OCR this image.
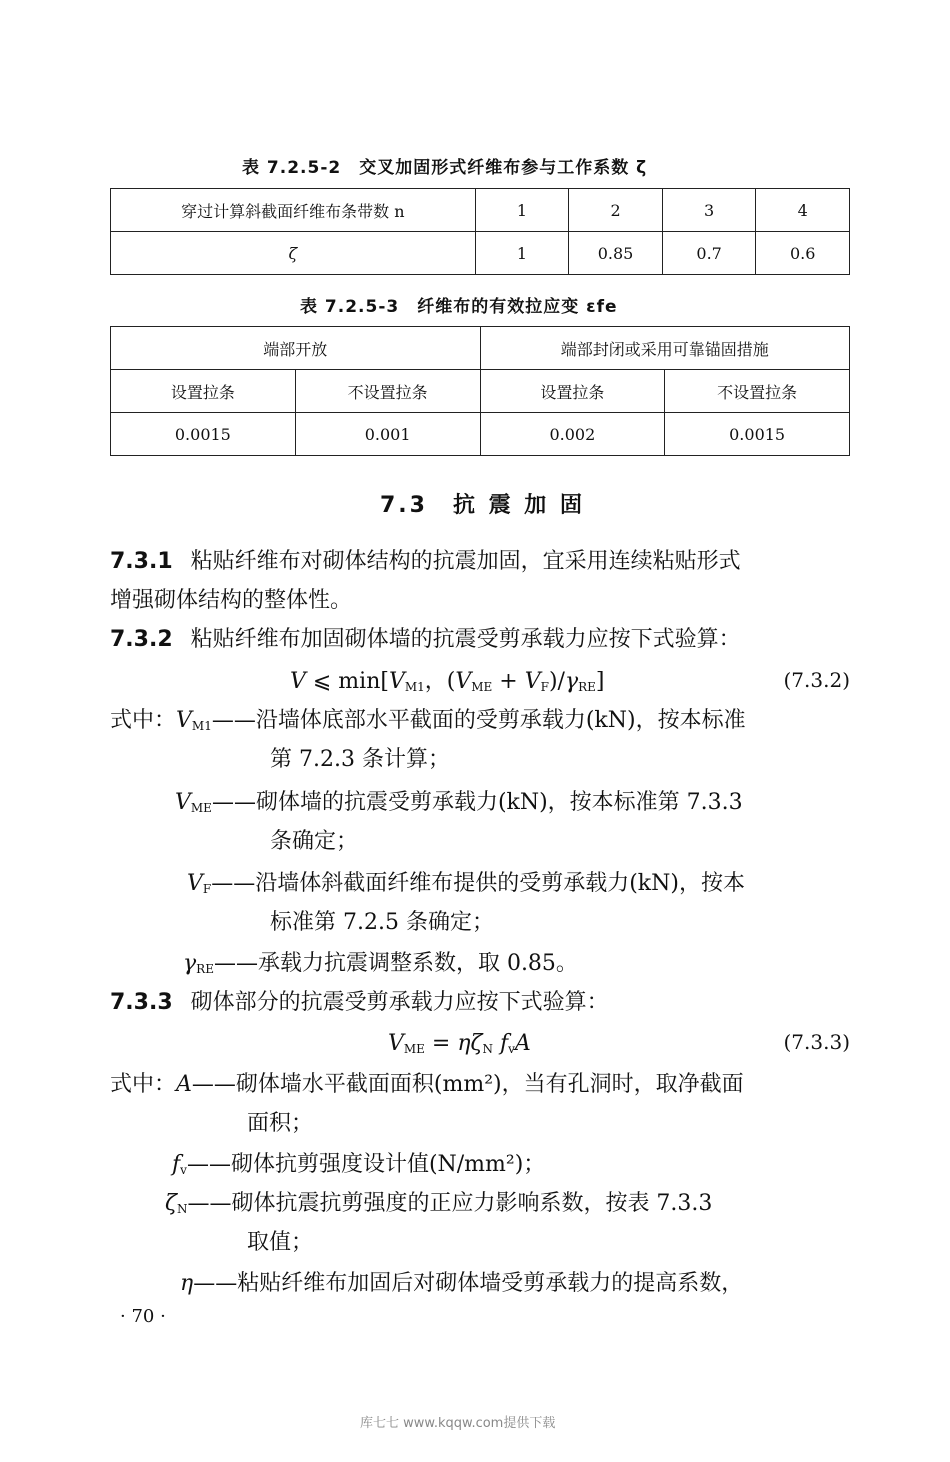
表 7.2.5-2　交叉加固形式纤维布参与工作系数 ζ
穿过计算斜截面纤维布条带数 n	1	2	3	4
ζ	1	0.85	0.7	0.6
表 7.2.5-3　纤维布的有效拉应变 εfe
端部开放		端部封闭或采用可靠锚固措施	
设置拉条	不设置拉条	设置拉条	不设置拉条
0.0015	0.001	0.002	0.0015
7.3　抗 震 加 固
7.3.1 粘贴纤维布对砌体结构的抗震加固，宜采用连续粘贴形式
增强砌体结构的整体性。
7.3.2 粘贴纤维布加固砌体墙的抗震受剪承载力应按下式验算：
V ⩽ $\min[V_{M1}$，$(V_{ME} + V_F)/\gamma_{RE}$]	(7.3.2)
式中：$V_{M1}——$沿墙体底部水平截面的受剪承载力(kN)，按本标准
第 7.2.3 条计算；
$V_{ME}——$砌体墙的抗震受剪承载力(kN)，按本标准第 7.3.3
条确定；
$V_F——$沿墙体斜截面纤维布提供的受剪承载力(kN)，按本
标准第 7.2.5 条确定；
$\gamma_{RE}——$承载力抗震调整系数，取 0.85。
7.3.3 砌体部分的抗震受剪承载力应按下式验算：
$V_{ME} = \eta\zeta_N$ $f_vA$	(7.3.3)
式中：A——砌体墙水平截面面积(mm²)，当有孔洞时，取净截面
面积；
$f_v——$砌体抗剪强度设计值(N/mm²)；
$\zeta_N——$砌体抗震抗剪强度的正应力影响系数，按表 7.3.3
取值；
η——粘贴纤维布加固后对砌体墙受剪承载力的提高系数，
· 70 ·
库七七 www.kqqw.com提供下载
